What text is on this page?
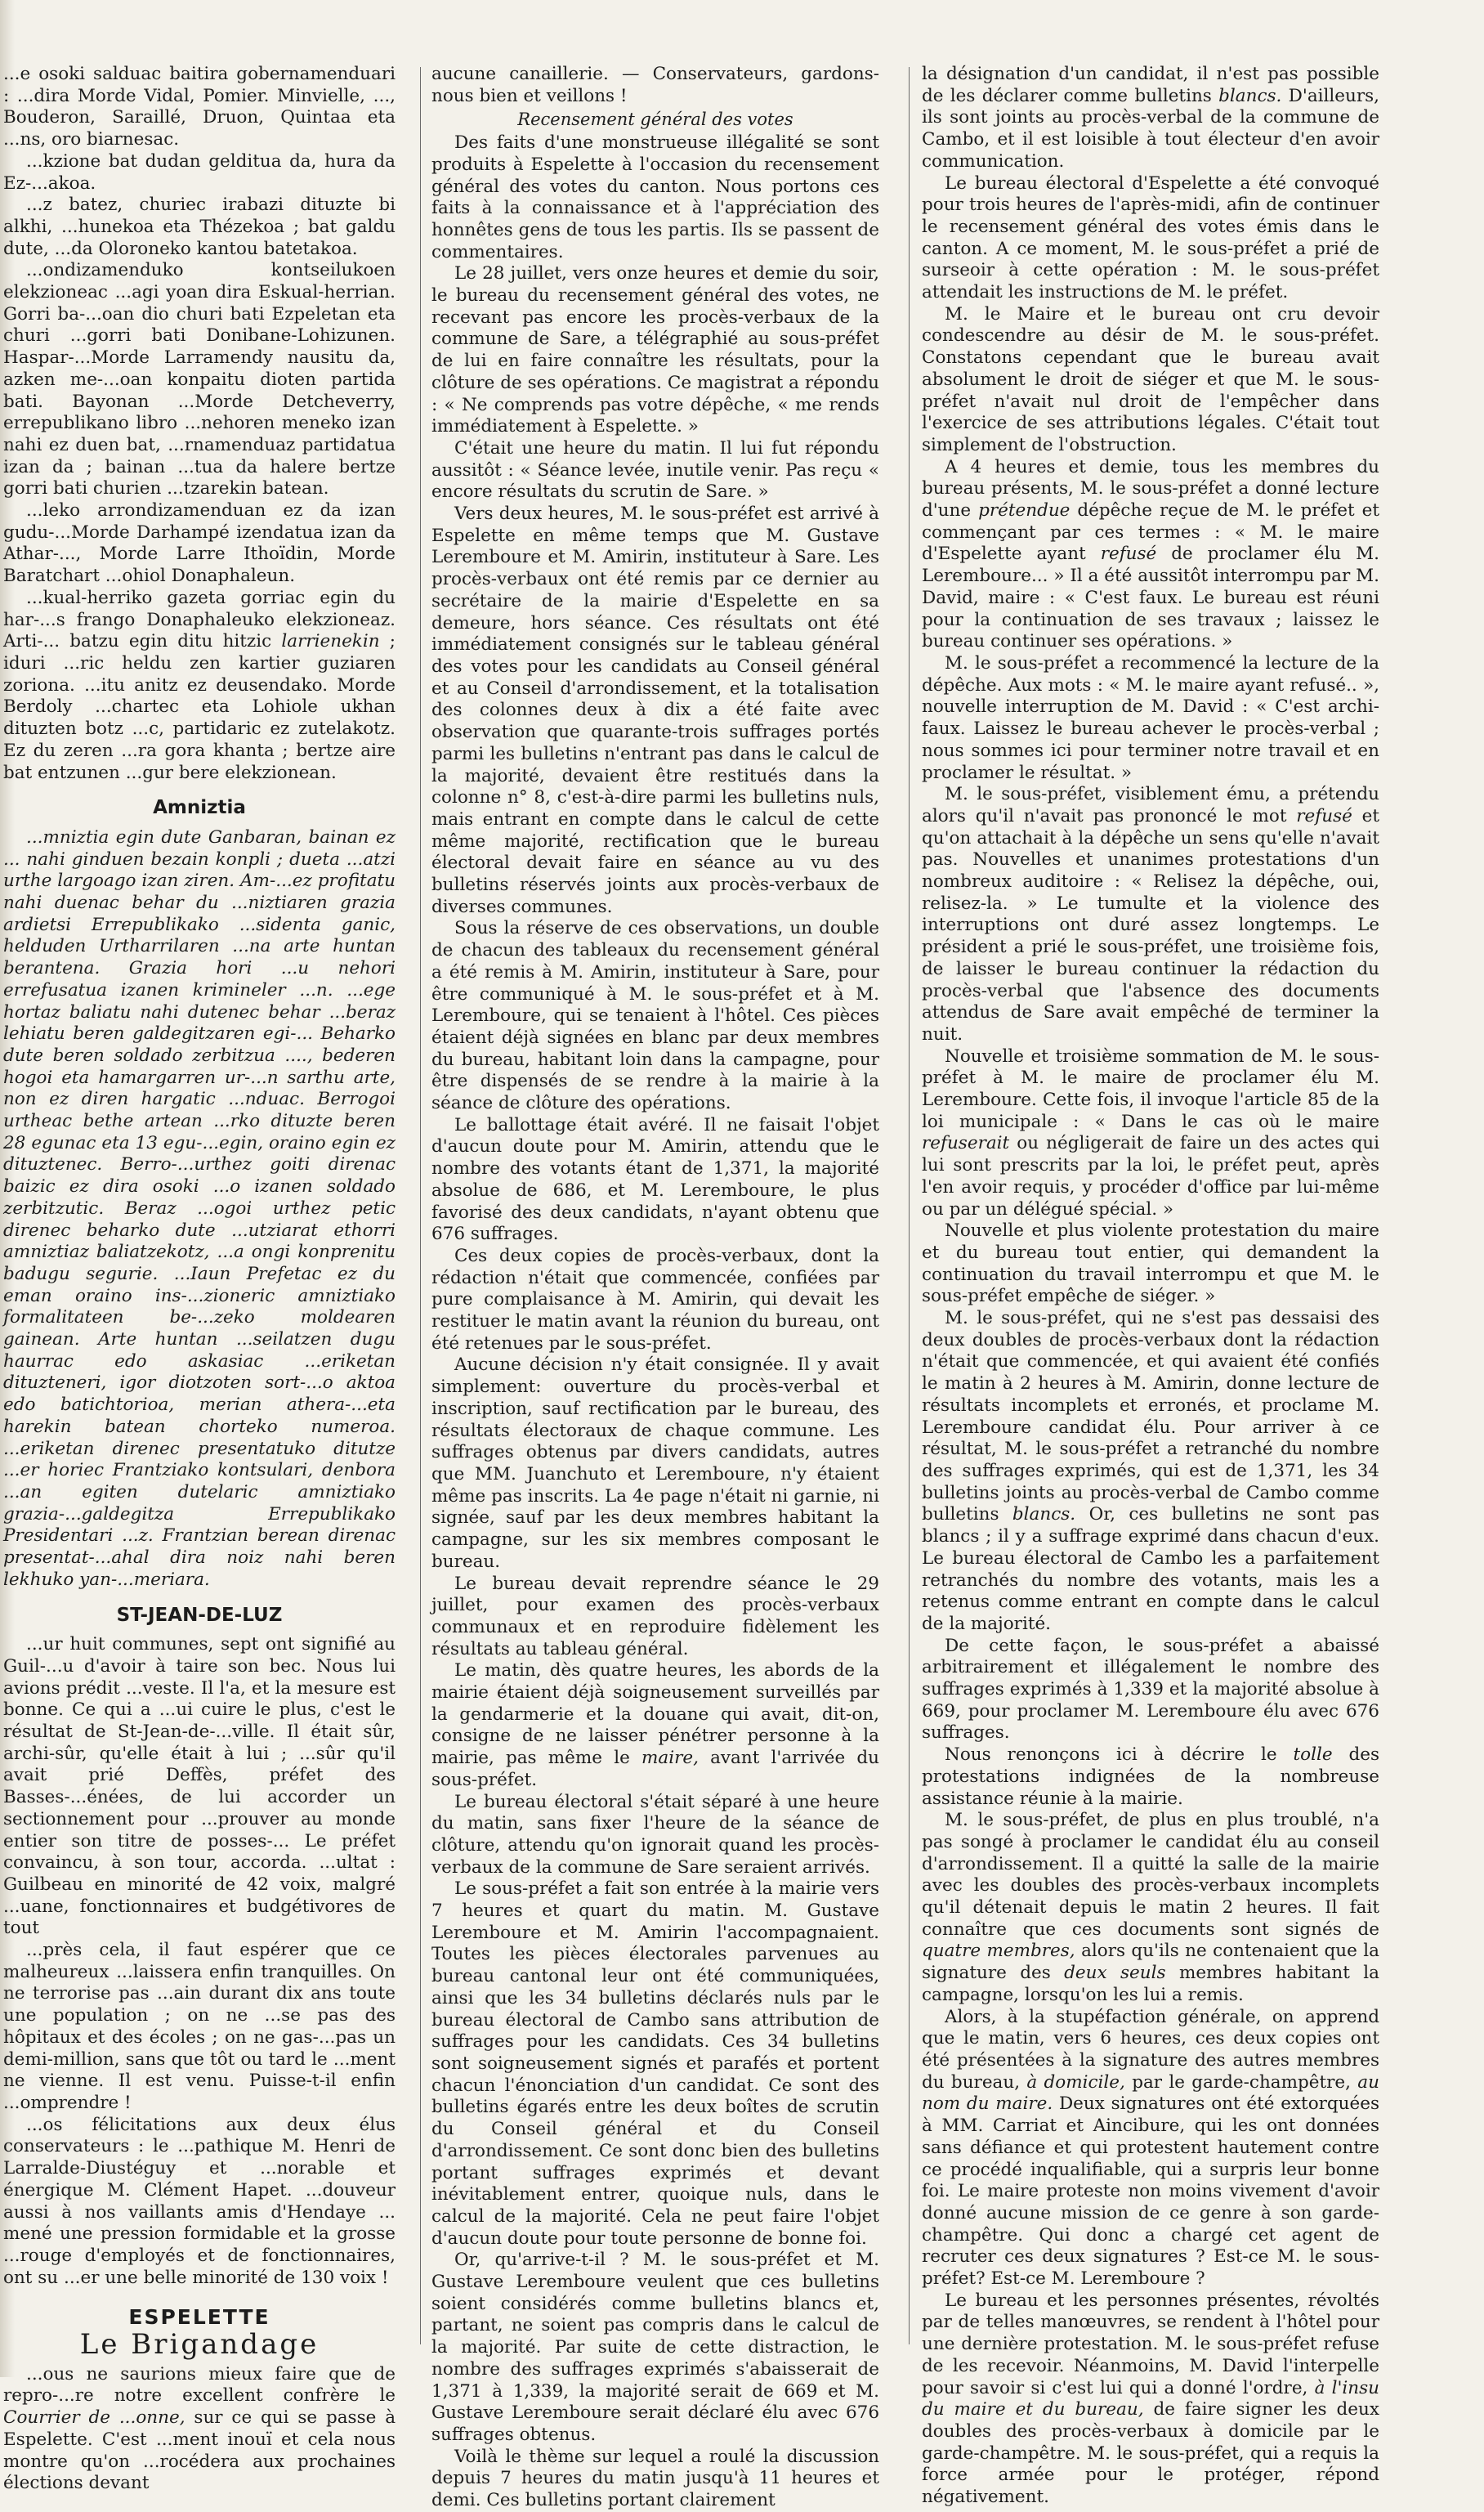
...e osoki salduac baitira gobernamenduari : ...dira Morde Vidal, Pomier. Minvielle, ..., Bouderon, Saraillé, Druon, Quintaa eta ...ns, oro biarnesac.

...kzione bat dudan gelditua da, hura da Ez-...akoa.

...z batez, churiec irabazi dituzte bi alkhi, ...hunekoa eta Thézekoa ; bat galdu dute, ...da Oloroneko kantou batetakoa.

...ondizamenduko kontseilukoen elekzioneac ...agi yoan dira Eskual-herrian. Gorri ba-...oan dio churi bati Ezpeletan eta churi ...gorri bati Donibane-Lohizunen. Haspar-...Morde Larramendy nausitu da, azken me-...oan konpaitu dioten partida bati. Bayonan ...Morde Detcheverry, errepublikano libro ...nehoren meneko izan nahi ez duen bat, ...rnamenduaz partidatua izan da ; bainan ...tua da halere bertze gorri bati churien ...tzarekin batean.

...leko arrondizamenduan ez da izan gudu-...Morde Darhampé izendatua izan da Athar-..., Morde Larre Ithoïdin, Morde Baratchart ...ohiol Donaphaleun.

...kual-herriko gazeta gorriac egin du har-...s frango Donaphaleuko elekzioneaz. Arti-... batzu egin ditu hitzic larrienekin ; iduri ...ric heldu zen kartier guziaren zoriona. ...itu anitz ez deusendako. Morde Berdoly ...chartec eta Lohiole ukhan dituzten botz ...c, partidaric ez zutelakotz. Ez du zeren ...ra gora khanta ; bertze aire bat entzunen ...gur bere elekzionean.

Amniztia

...mniztia egin dute Ganbaran, bainan ez ... nahi ginduen bezain konpli ; dueta ...atzi urthe largoago izan ziren. Am-...ez profitatu nahi duenac behar du ...niztiaren grazia ardietsi Errepublikako ...sidenta ganic, helduden Urtharrilaren ...na arte huntan berantena. Grazia hori ...u nehori errefusatua izanen krimineler ...n. ...ege hortaz baliatu nahi dutenec behar ...beraz lehiatu beren galdegitzaren egi-... Beharko dute beren soldado zerbitzua ...., bederen hogoi eta hamargarren ur-...n sarthu arte, non ez diren hargatic ...nduac. Berrogoi urtheac bethe artean ...rko dituzte beren 28 egunac eta 13 egu-...egin, oraino egin ez dituztenec. Berro-...urthez goiti direnac baizic ez dira osoki ...o izanen soldado zerbitzutic. Beraz ...ogoi urthez petic direnec beharko dute ...utziarat ethorri amniztiaz baliatzekotz, ...a ongi konprenitu badugu segurie. ...Iaun Prefetac ez du eman oraino ins-...zioneric amniztiako formalitateen be-...zeko moldearen gainean. Arte huntan ...seilatzen dugu haurrac edo askasiac ...eriketan dituzteneri, igor diotzoten sort-...o aktoa edo batichtorioa, merian athera-...eta harekin batean chorteko numeroa. ...eriketan direnec presentatuko ditutze ...er horiec Frantziako kontsulari, denbora ...an egiten dutelaric amniztiako grazia-...galdegitza Errepublikako Presidentari ...z. Frantzian berean direnac presentat-...ahal dira noiz nahi beren lekhuko yan-...meriara.

ST-JEAN-DE-LUZ

...ur huit communes, sept ont signifié au Guil-...u d'avoir à taire son bec. Nous lui avions prédit ...veste. Il l'a, et la mesure est bonne. Ce qui a ...ui cuire le plus, c'est le résultat de St-Jean-de-...ville. Il était sûr, archi-sûr, qu'elle était à lui ; ...sûr qu'il avait prié Deffès, préfet des Basses-...énées, de lui accorder un sectionnement pour ...prouver au monde entier son titre de posses-... Le préfet convaincu, à son tour, accorda. ...ultat : Guilbeau en minorité de 42 voix, malgré ...uane, fonctionnaires et budgétivores de tout

...près cela, il faut espérer que ce malheureux ...laissera enfin tranquilles. On ne terrorise pas ...ain durant dix ans toute une population ; on ne ...se pas des hôpitaux et des écoles ; on ne gas-...pas un demi-million, sans que tôt ou tard le ...ment ne vienne. Il est venu. Puisse-t-il enfin ...omprendre !

...os félicitations aux deux élus conservateurs : le ...pathique M. Henri de Larralde-Diustéguy et ...norable et énergique M. Clément Hapet. ...douveur aussi à nos vaillants amis d'Hendaye ... mené une pression formidable et la grosse ...rouge d'employés et de fonctionnaires, ont su ...er une belle minorité de 130 voix !

ESPELETTE
Le Brigandage

...ous ne saurions mieux faire que de repro-...re notre excellent confrère le Courrier de ...onne, sur ce qui se passe à Espelette. C'est ...ment inouï et cela nous montre qu'on ...rocédera aux prochaines élections devant

aucune canaillerie. — Conservateurs, gardons-nous bien et veillons !

Recensement général des votes

Des faits d'une monstrueuse illégalité se sont produits à Espelette à l'occasion du recensement général des votes du canton. Nous portons ces faits à la connaissance et à l'appréciation des honnêtes gens de tous les partis. Ils se passent de commentaires.

Le 28 juillet, vers onze heures et demie du soir, le bureau du recensement général des votes, ne recevant pas encore les procès-verbaux de la commune de Sare, a télégraphié au sous-préfet de lui en faire connaître les résultats, pour la clôture de ses opérations. Ce magistrat a répondu : « Ne comprends pas votre dépêche, « me rends immédiatement à Espelette. »

C'était une heure du matin. Il lui fut répondu aussitôt : « Séance levée, inutile venir. Pas reçu « encore résultats du scrutin de Sare. »

Vers deux heures, M. le sous-préfet est arrivé à Espelette en même temps que M. Gustave Leremboure et M. Amirin, instituteur à Sare. Les procès-verbaux ont été remis par ce dernier au secrétaire de la mairie d'Espelette en sa demeure, hors séance. Ces résultats ont été immédiatement consignés sur le tableau général des votes pour les candidats au Conseil général et au Conseil d'arrondissement, et la totalisation des colonnes deux à dix a été faite avec observation que quarante-trois suffrages portés parmi les bulletins n'entrant pas dans le calcul de la majorité, devaient être restitués dans la colonne n° 8, c'est-à-dire parmi les bulletins nuls, mais entrant en compte dans le calcul de cette même majorité, rectification que le bureau électoral devait faire en séance au vu des bulletins réservés joints aux procès-verbaux de diverses communes.

Sous la réserve de ces observations, un double de chacun des tableaux du recensement général a été remis à M. Amirin, instituteur à Sare, pour être communiqué à M. le sous-préfet et à M. Leremboure, qui se tenaient à l'hôtel. Ces pièces étaient déjà signées en blanc par deux membres du bureau, habitant loin dans la campagne, pour être dispensés de se rendre à la mairie à la séance de clôture des opérations.

Le ballottage était avéré. Il ne faisait l'objet d'aucun doute pour M. Amirin, attendu que le nombre des votants étant de 1,371, la majorité absolue de 686, et M. Leremboure, le plus favorisé des deux candidats, n'ayant obtenu que 676 suffrages.

Ces deux copies de procès-verbaux, dont la rédaction n'était que commencée, confiées par pure complaisance à M. Amirin, qui devait les restituer le matin avant la réunion du bureau, ont été retenues par le sous-préfet.

Aucune décision n'y était consignée. Il y avait simplement: ouverture du procès-verbal et inscription, sauf rectification par le bureau, des résultats électoraux de chaque commune. Les suffrages obtenus par divers candidats, autres que MM. Juanchuto et Leremboure, n'y étaient même pas inscrits. La 4e page n'était ni garnie, ni signée, sauf par les deux membres habitant la campagne, sur les six membres composant le bureau.

Le bureau devait reprendre séance le 29 juillet, pour examen des procès-verbaux communaux et en reproduire fidèlement les résultats au tableau général.

Le matin, dès quatre heures, les abords de la mairie étaient déjà soigneusement surveillés par la gendarmerie et la douane qui avait, dit-on, consigne de ne laisser pénétrer personne à la mairie, pas même le maire, avant l'arrivée du sous-préfet.

Le bureau électoral s'était séparé à une heure du matin, sans fixer l'heure de la séance de clôture, attendu qu'on ignorait quand les procès-verbaux de la commune de Sare seraient arrivés.

Le sous-préfet a fait son entrée à la mairie vers 7 heures et quart du matin. M. Gustave Leremboure et M. Amirin l'accompagnaient. Toutes les pièces électorales parvenues au bureau cantonal leur ont été communiquées, ainsi que les 34 bulletins déclarés nuls par le bureau électoral de Cambo sans attribution de suffrages pour les candidats. Ces 34 bulletins sont soigneusement signés et parafés et portent chacun l'énonciation d'un candidat. Ce sont des bulletins égarés entre les deux boîtes de scrutin du Conseil général et du Conseil d'arrondissement. Ce sont donc bien des bulletins portant suffrages exprimés et devant inévitablement entrer, quoique nuls, dans le calcul de la majorité. Cela ne peut faire l'objet d'aucun doute pour toute personne de bonne foi.

Or, qu'arrive-t-il ? M. le sous-préfet et M. Gustave Leremboure veulent que ces bulletins soient considérés comme bulletins blancs et, partant, ne soient pas compris dans le calcul de la majorité. Par suite de cette distraction, le nombre des suffrages exprimés s'abaisserait de 1,371 à 1,339, la majorité serait de 669 et M. Gustave Leremboure serait déclaré élu avec 676 suffrages obtenus.

Voilà le thème sur lequel a roulé la discussion depuis 7 heures du matin jusqu'à 11 heures et demi. Ces bulletins portant clairement

la désignation d'un candidat, il n'est pas possible de les déclarer comme bulletins blancs. D'ailleurs, ils sont joints au procès-verbal de la commune de Cambo, et il est loisible à tout électeur d'en avoir communication.

Le bureau électoral d'Espelette a été convoqué pour trois heures de l'après-midi, afin de continuer le recensement général des votes émis dans le canton. A ce moment, M. le sous-préfet a prié de surseoir à cette opération : M. le sous-préfet attendait les instructions de M. le préfet.

M. le Maire et le bureau ont cru devoir condescendre au désir de M. le sous-préfet. Constatons cependant que le bureau avait absolument le droit de siéger et que M. le sous-préfet n'avait nul droit de l'empêcher dans l'exercice de ses attributions légales. C'était tout simplement de l'obstruction.

A 4 heures et demie, tous les membres du bureau présents, M. le sous-préfet a donné lecture d'une prétendue dépêche reçue de M. le préfet et commençant par ces termes : « M. le maire d'Espelette ayant refusé de proclamer élu M. Leremboure... » Il a été aussitôt interrompu par M. David, maire : « C'est faux. Le bureau est réuni pour la continuation de ses travaux ; laissez le bureau continuer ses opérations. »

M. le sous-préfet a recommencé la lecture de la dépêche. Aux mots : « M. le maire ayant refusé.. », nouvelle interruption de M. David : « C'est archi-faux. Laissez le bureau achever le procès-verbal ; nous sommes ici pour terminer notre travail et en proclamer le résultat. »

M. le sous-préfet, visiblement ému, a prétendu alors qu'il n'avait pas prononcé le mot refusé et qu'on attachait à la dépêche un sens qu'elle n'avait pas. Nouvelles et unanimes protestations d'un nombreux auditoire : « Relisez la dépêche, oui, relisez-la. » Le tumulte et la violence des interruptions ont duré assez longtemps. Le président a prié le sous-préfet, une troisième fois, de laisser le bureau continuer la rédaction du procès-verbal que l'absence des documents attendus de Sare avait empêché de terminer la nuit.

Nouvelle et troisième sommation de M. le sous-préfet à M. le maire de proclamer élu M. Leremboure. Cette fois, il invoque l'article 85 de la loi municipale : « Dans le cas où le maire refuserait ou négligerait de faire un des actes qui lui sont prescrits par la loi, le préfet peut, après l'en avoir requis, y procéder d'office par lui-même ou par un délégué spécial. »

Nouvelle et plus violente protestation du maire et du bureau tout entier, qui demandent la continuation du travail interrompu et que M. le sous-préfet empêche de siéger. »

M. le sous-préfet, qui ne s'est pas dessaisi des deux doubles de procès-verbaux dont la rédaction n'était que commencée, et qui avaient été confiés le matin à 2 heures à M. Amirin, donne lecture de résultats incomplets et erronés, et proclame M. Leremboure candidat élu. Pour arriver à ce résultat, M. le sous-préfet a retranché du nombre des suffrages exprimés, qui est de 1,371, les 34 bulletins joints au procès-verbal de Cambo comme bulletins blancs. Or, ces bulletins ne sont pas blancs ; il y a suffrage exprimé dans chacun d'eux. Le bureau électoral de Cambo les a parfaitement retranchés du nombre des votants, mais les a retenus comme entrant en compte dans le calcul de la majorité.

De cette façon, le sous-préfet a abaissé arbitrairement et illégalement le nombre des suffrages exprimés à 1,339 et la majorité absolue à 669, pour proclamer M. Leremboure élu avec 676 suffrages.

Nous renonçons ici à décrire le tolle des protestations indignées de la nombreuse assistance réunie à la mairie.

M. le sous-préfet, de plus en plus troublé, n'a pas songé à proclamer le candidat élu au conseil d'arrondissement. Il a quitté la salle de la mairie avec les doubles des procès-verbaux incomplets qu'il détenait depuis le matin 2 heures. Il fait connaître que ces documents sont signés de quatre membres, alors qu'ils ne contenaient que la signature des deux seuls membres habitant la campagne, lorsqu'on les lui a remis.

Alors, à la stupéfaction générale, on apprend que le matin, vers 6 heures, ces deux copies ont été présentées à la signature des autres membres du bureau, à domicile, par le garde-champêtre, au nom du maire. Deux signatures ont été extorquées à MM. Carriat et Aincibure, qui les ont données sans défiance et qui protestent hautement contre ce procédé inqualifiable, qui a surpris leur bonne foi. Le maire proteste non moins vivement d'avoir donné aucune mission de ce genre à son garde-champêtre. Qui donc a chargé cet agent de recruter ces deux signatures ? Est-ce M. le sous-préfet? Est-ce M. Leremboure ?

Le bureau et les personnes présentes, révoltés par de telles manœuvres, se rendent à l'hôtel pour une dernière protestation. M. le sous-préfet refuse de les recevoir. Néanmoins, M. David l'interpelle pour savoir si c'est lui qui a donné l'ordre, à l'insu du maire et du bureau, de faire signer les deux doubles des procès-verbaux à domicile par le garde-champêtre. M. le sous-préfet, qui a requis la force armée pour le protéger, répond négativement.
